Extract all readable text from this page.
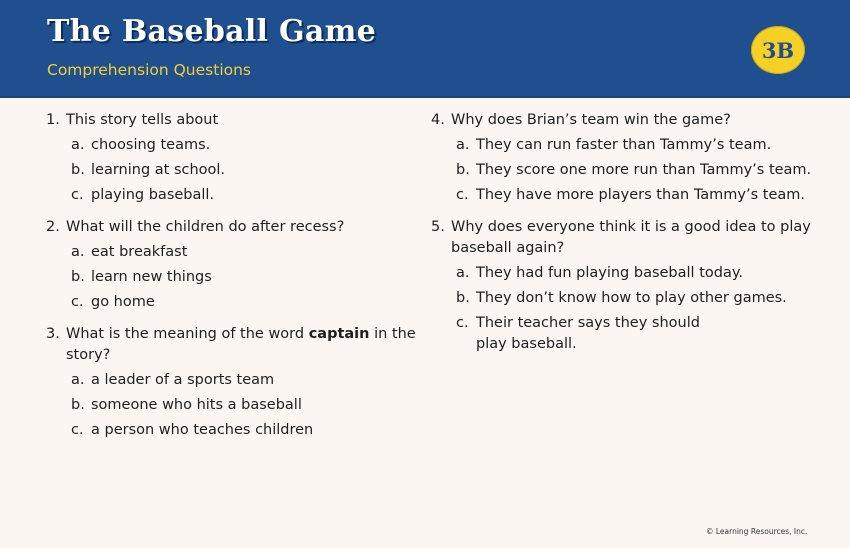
The Baseball Game
Comprehension Questions
3B
1. This story tells about
a. choosing teams.
b. learning at school.
c. playing baseball.
2. What will the children do after recess?
a. eat breakfast
b. learn new things
c. go home
3. What is the meaning of the word captain in the story?
a. a leader of a sports team
b. someone who hits a baseball
c. a person who teaches children
4. Why does Brian’s team win the game?
a. They can run faster than Tammy’s team.
b. They score one more run than Tammy’s team.
c. They have more players than Tammy’s team.
5. Why does everyone think it is a good idea to play baseball again?
a. They had fun playing baseball today.
b. They don’t know how to play other games.
c. Their teacher says they should play baseball.
© Learning Resources, Inc.
